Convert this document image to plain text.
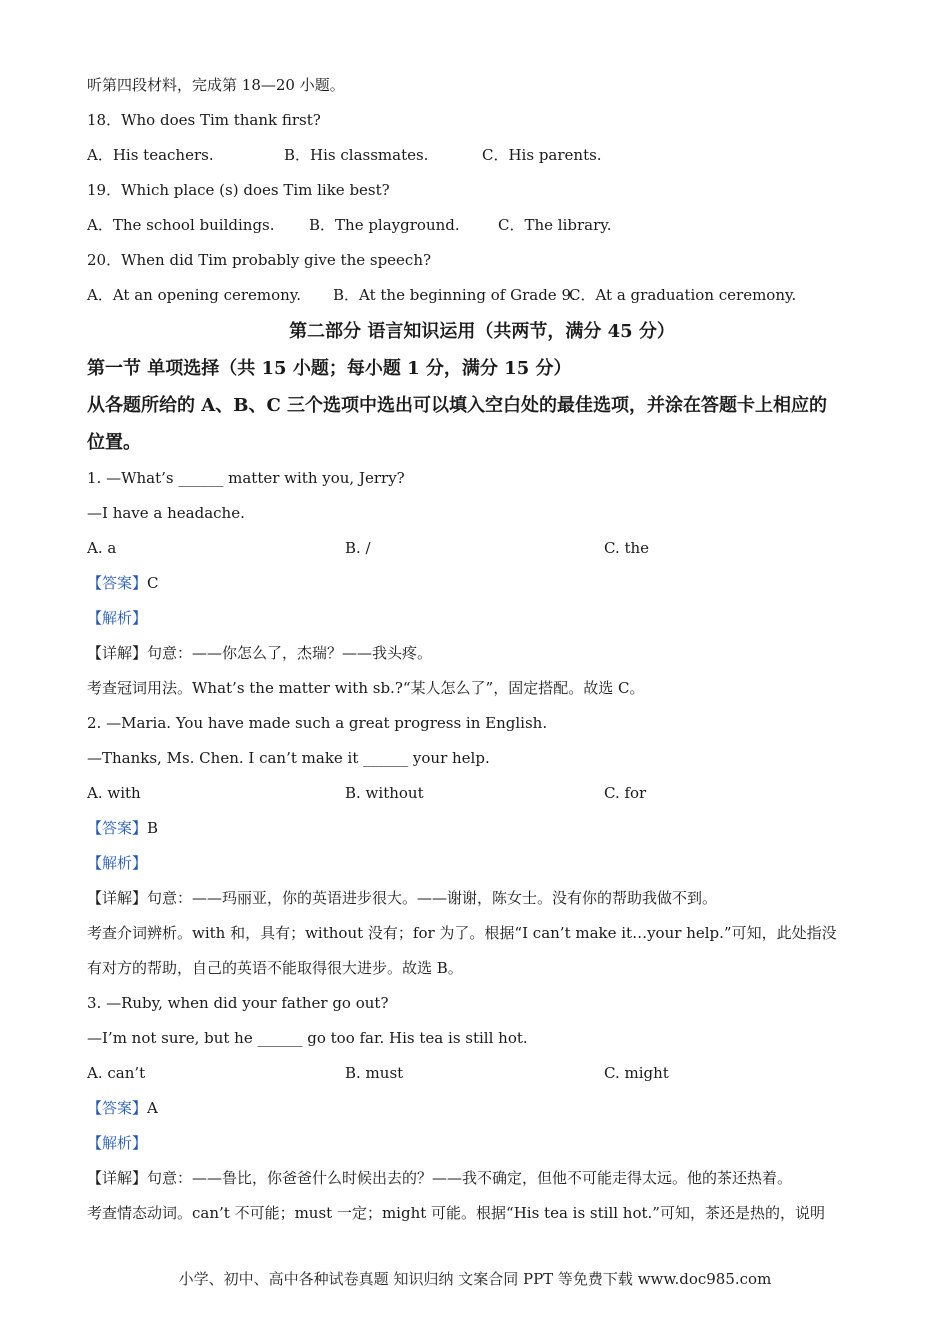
听第四段材料，完成第 18—20 小题。
18．Who does Tim thank first?
A．His teachers.	B．His classmates.	C．His parents.
19．Which place (s) does Tim like best?
A．The school buildings. B．The playground.	C．The library.
20．When did Tim probably give the speech?
A．At an opening ceremony. B．At the beginning of Grade 9.
C．At a graduation ceremony.
第二部分 语言知识运用（共两节，满分 45 分）
第一节 单项选择（共 15 小题；每小题 1 分，满分 15 分）
从各题所给的 A、B、C 三个选项中选出可以填入空白处的最佳选项，并涂在答题卡上相应的
位置。
1. —What’s ______ matter with you, Jerry?
—I have a headache.
A. a	B. /	C. the
【答案】C
【解析】
【详解】句意：——你怎么了，杰瑞？——我头疼。
考查冠词用法。What’s the matter with sb.?“某人怎么了”，固定搭配。故选 C。
2. —Maria. You have made such a great progress in English.
—Thanks, Ms. Chen. I can’t make it ______ your help.
A. with	B. without	C. for
【答案】B
【解析】
【详解】句意：——玛丽亚，你的英语进步很大。——谢谢，陈女士。没有你的帮助我做不到。
考查介词辨析。with 和，具有；without 没有；for 为了。根据“I can’t make it…your help.”可知，此处指没
有对方的帮助，自己的英语不能取得很大进步。故选 B。
3. —Ruby, when did your father go out?
—I’m not sure, but he ______ go too far. His tea is still hot.
A. can’t	B. must	C. might
【答案】A
【解析】
【详解】句意：——鲁比，你爸爸什么时候出去的？——我不确定，但他不可能走得太远。他的茶还热着。
考查情态动词。can’t 不可能；must 一定；might 可能。根据“His tea is still hot.”可知，茶还是热的，说明
小学、初中、高中各种试卷真题 知识归纳 文案合同 PPT 等免费下载 www.doc985.com
